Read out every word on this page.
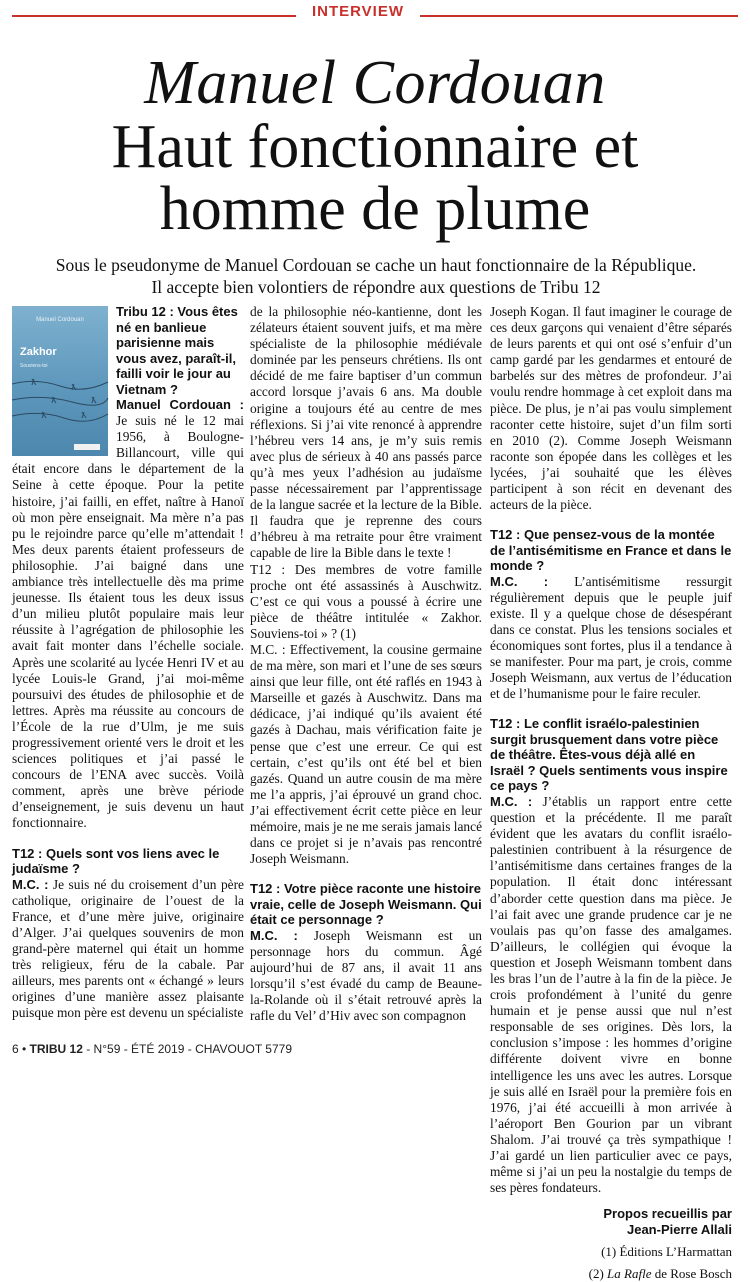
INTERVIEW
Manuel Cordouan
Haut fonctionnaire et
homme de plume
Sous le pseudonyme de Manuel Cordouan se cache un haut fonctionnaire de la République.
Il accepte bien volontiers de répondre aux questions de Tribu 12
Manuel Cordouan
Zakhor
Souviens-toi

Tribu 12 : Vous êtes né en banlieue parisienne mais vous avez, paraît-il, failli voir le jour au Vietnam ?

Manuel Cordouan : Je suis né le 12 mai 1956, à Boulogne-Billancourt, ville qui était encore dans le département de la Seine à cette époque. Pour la petite histoire, j’ai failli, en effet, naître à Hanoï où mon père enseignait. Ma mère n’a pas pu le rejoindre parce qu’elle m’attendait ! Mes deux parents étaient professeurs de philosophie. J’ai baigné dans une ambiance très intellectuelle dès ma prime jeunesse. Ils étaient tous les deux issus d’un milieu plutôt populaire mais leur réussite à l’agrégation de philosophie les avait fait monter dans l’échelle sociale. Après une scolarité au lycée Henri IV et au lycée Louis-le Grand, j’ai moi-même poursuivi des études de philosophie et de lettres. Après ma réussite au concours de l’École de la rue d’Ulm, je me suis progressivement orienté vers le droit et les sciences politiques et j’ai passé le concours de l’ENA avec succès. Voilà comment, après une brève période d’enseignement, je suis devenu un haut fonctionnaire.

T12 : Quels sont vos liens avec le judaïsme ?

M.C. : Je suis né du croisement d’un père catholique, originaire de l’ouest de la France, et d’une mère juive, originaire d’Alger. J’ai quelques souvenirs de mon grand-père maternel qui était un homme très religieux, féru de la cabale. Par ailleurs, mes parents ont « échangé » leurs origines d’une manière assez plaisante puisque mon père est devenu un spécialiste

de la philosophie néo-kantienne, dont les zélateurs étaient souvent juifs, et ma mère spécialiste de la philosophie médiévale dominée par les penseurs chrétiens. Ils ont décidé de me faire baptiser d’un commun accord lorsque j’avais 6 ans. Ma double origine a toujours été au centre de mes réflexions. Si j’ai vite renoncé à apprendre l’hébreu vers 14 ans, je m’y suis remis avec plus de sérieux à 40 ans passés parce qu’à mes yeux l’adhésion au judaïsme passe nécessairement par l’apprentissage de la langue sacrée et la lecture de la Bible. Il faudra que je reprenne des cours d’hébreu à ma retraite pour être vraiment capable de lire la Bible dans le texte !

T12 : Des membres de votre famille proche ont été assassinés à Auschwitz. C’est ce qui vous a poussé à écrire une pièce de théâtre intitulée « Zakhor. Souviens-toi » ? (1)

M.C. : Effectivement, la cousine germaine de ma mère, son mari et l’une de ses sœurs ainsi que leur fille, ont été raflés en 1943 à Marseille et gazés à Auschwitz. Dans ma dédicace, j’ai indiqué qu’ils avaient été gazés à Dachau, mais vérification faite je pense que c’est une erreur. Ce qui est certain, c’est qu’ils ont été bel et bien gazés. Quand un autre cousin de ma mère me l’a appris, j’ai éprouvé un grand choc. J’ai effectivement écrit cette pièce en leur mémoire, mais je ne me serais jamais lancé dans ce projet si je n’avais pas rencontré Joseph Weismann.

T12 : Votre pièce raconte une histoire vraie, celle de Joseph Weismann. Qui était ce personnage ?

M.C. : Joseph Weismann est un personnage hors du commun. Âgé aujourd’hui de 87 ans, il avait 11 ans lorsqu’il s’est évadé du camp de Beaune-la-Rolande où il s’était retrouvé après la rafle du Vel’ d’Hiv avec son compagnon

Joseph Kogan. Il faut imaginer le courage de ces deux garçons qui venaient d’être séparés de leurs parents et qui ont osé s’enfuir d’un camp gardé par les gendarmes et entouré de barbelés sur des mètres de profondeur. J’ai voulu rendre hommage à cet exploit dans ma pièce. De plus, je n’ai pas voulu simplement raconter cette histoire, sujet d’un film sorti en 2010 (2). Comme Joseph Weismann raconte son épopée dans les collèges et les lycées, j’ai souhaité que les élèves participent à son récit en devenant des acteurs de la pièce.

T12 : Que pensez-vous de la montée de l’antisémitisme en France et dans le monde ?

M.C. : L’antisémitisme ressurgit régulièrement depuis que le peuple juif existe. Il y a quelque chose de désespérant dans ce constat. Plus les tensions sociales et économiques sont fortes, plus il a tendance à se manifester. Pour ma part, je crois, comme Joseph Weismann, aux vertus de l’éducation et de l’humanisme pour le faire reculer.

T12 : Le conflit israélo-palestinien surgit brusquement dans votre pièce de théâtre. Êtes-vous déjà allé en Israël ? Quels sentiments vous inspire ce pays ?

M.C. : J’établis un rapport entre cette question et la précédente. Il me paraît évident que les avatars du conflit israélo-palestinien contribuent à la résurgence de l’antisémitisme dans certaines franges de la population. Il était donc intéressant d’aborder cette question dans ma pièce. Je l’ai fait avec une grande prudence car je ne voulais pas qu’on fasse des amalgames. D’ailleurs, le collégien qui évoque la question et Joseph Weismann tombent dans les bras l’un de l’autre à la fin de la pièce. Je crois profondément à l’unité du genre humain et je pense aussi que nul n’est responsable de ses origines. Dès lors, la conclusion s’impose : les hommes d’origine différente doivent vivre en bonne intelligence les uns avec les autres. Lorsque je suis allé en Israël pour la première fois en 1976, j’ai été accueilli à mon arrivée à l’aéroport Ben Gourion par un vibrant Shalom. J’ai trouvé ça très sympathique ! J’ai gardé un lien particulier avec ce pays, même si j’ai un peu la nostalgie du temps de ses pères fondateurs.

Propos recueillis par
Jean-Pierre Allali

(1) Éditions L’Harmattan

(2) La Rafle de Rose Bosch

6 • TRIBU 12 - N°59 - ÉTÉ 2019 - CHAVOUOT 5779
